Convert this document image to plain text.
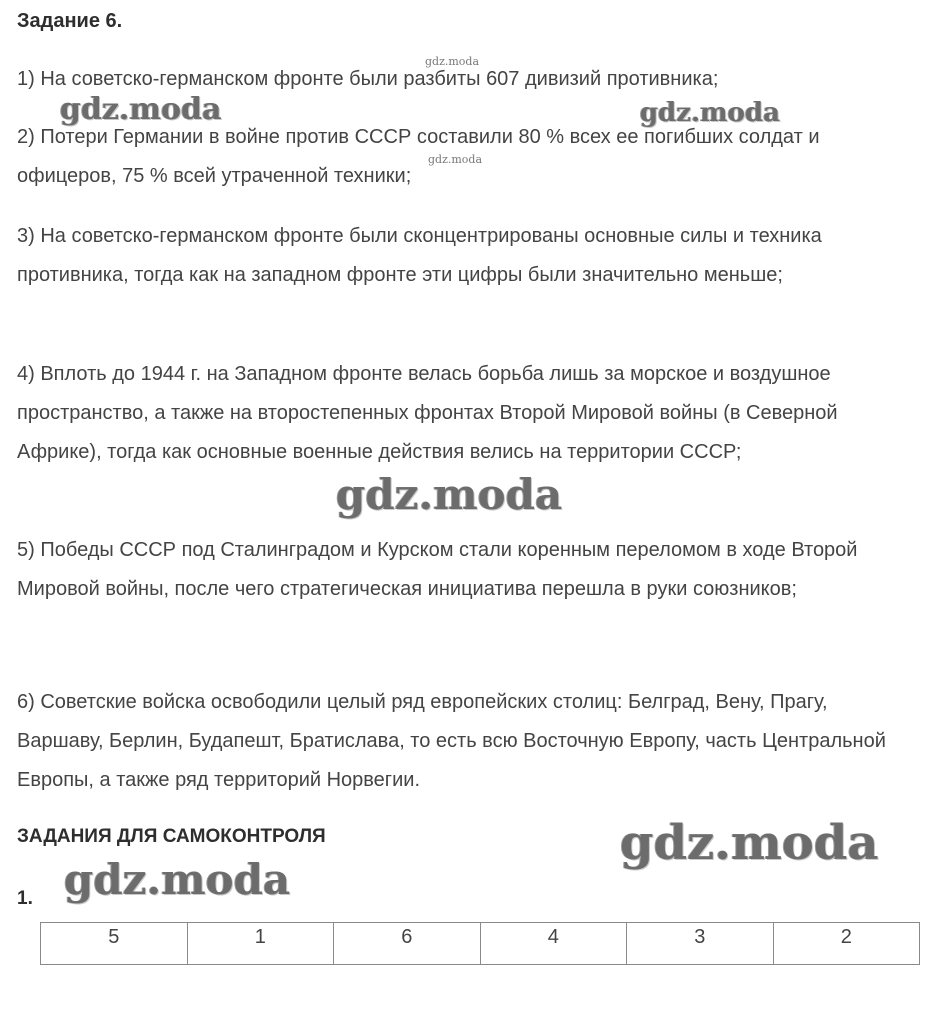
Задание 6.
1) На советско-германском фронте были разбиты 607 дивизий противника;
2) Потери Германии в войне против СССР составили 80 % всех ее погибших солдат и офицеров, 75 % всей утраченной техники;
3) На советско-германском фронте были сконцентрированы основные силы и техника противника, тогда как на западном фронте эти цифры были значительно меньше;
4) Вплоть до 1944 г. на Западном фронте велась борьба лишь за морское и воздушное пространство, а также на второстепенных фронтах Второй Мировой войны (в Северной Африке), тогда как основные военные действия велись на территории СССР;
5) Победы СССР под Сталинградом и Курском стали коренным переломом в ходе Второй Мировой войны, после чего стратегическая инициатива перешла в руки союзников;
6) Советские войска освободили целый ряд европейских столиц: Белград, Вену, Прагу, Варшаву, Берлин, Будапешт, Братислава, то есть всю Восточную Европу, часть Центральной Европы, а также ряд территорий Норвегии.
ЗАДАНИЯ ДЛЯ САМОКОНТРОЛЯ
1.
5	1	6	4	3	2
gdz.moda
gdz.moda
gdz.moda	gdz.moda
gdz.moda
gdz.moda
gdz.moda
